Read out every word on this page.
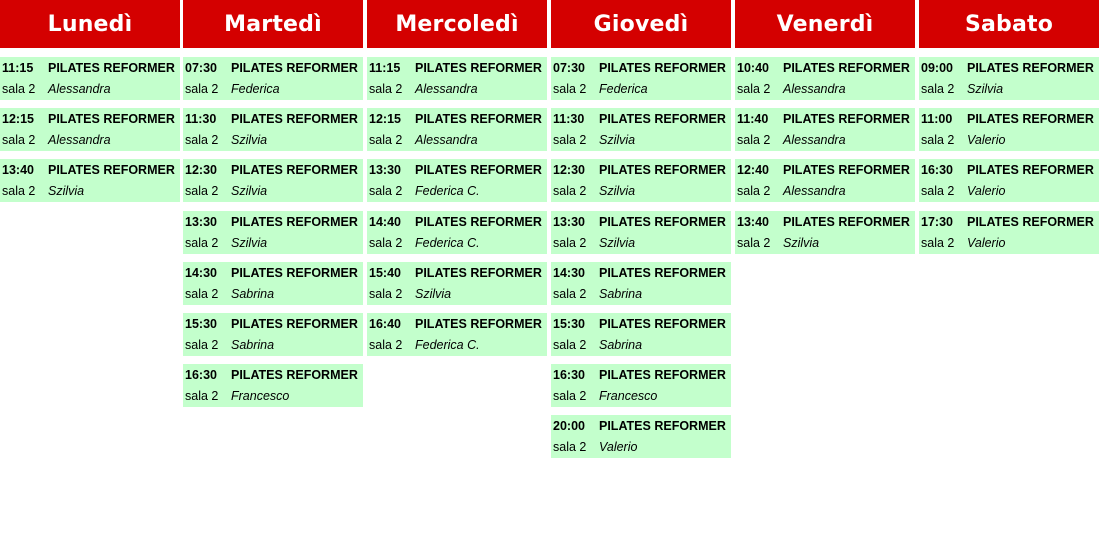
Lunedì
11:15 PILATES REFORMER
sala 2 Alessandra
12:15 PILATES REFORMER
sala 2 Alessandra
13:40 PILATES REFORMER
sala 2 Szilvia
Martedì
07:30 PILATES REFORMER
sala 2 Federica
11:30 PILATES REFORMER
sala 2 Szilvia
12:30 PILATES REFORMER
sala 2 Szilvia
13:30 PILATES REFORMER
sala 2 Szilvia
14:30 PILATES REFORMER
sala 2 Sabrina
15:30 PILATES REFORMER
sala 2 Sabrina
16:30 PILATES REFORMER
sala 2 Francesco
Mercoledì
11:15 PILATES REFORMER
sala 2 Alessandra
12:15 PILATES REFORMER
sala 2 Alessandra
13:30 PILATES REFORMER
sala 2 Federica C.
14:40 PILATES REFORMER
sala 2 Federica C.
15:40 PILATES REFORMER
sala 2 Szilvia
16:40 PILATES REFORMER
sala 2 Federica C.
Giovedì
07:30 PILATES REFORMER
sala 2 Federica
11:30 PILATES REFORMER
sala 2 Szilvia
12:30 PILATES REFORMER
sala 2 Szilvia
13:30 PILATES REFORMER
sala 2 Szilvia
14:30 PILATES REFORMER
sala 2 Sabrina
15:30 PILATES REFORMER
sala 2 Sabrina
16:30 PILATES REFORMER
sala 2 Francesco
20:00 PILATES REFORMER
sala 2 Valerio
Venerdì
10:40 PILATES REFORMER
sala 2 Alessandra
11:40 PILATES REFORMER
sala 2 Alessandra
12:40 PILATES REFORMER
sala 2 Alessandra
13:40 PILATES REFORMER
sala 2 Szilvia
Sabato
09:00 PILATES REFORMER
sala 2 Szilvia
11:00 PILATES REFORMER
sala 2 Valerio
16:30 PILATES REFORMER
sala 2 Valerio
17:30 PILATES REFORMER
sala 2 Valerio
